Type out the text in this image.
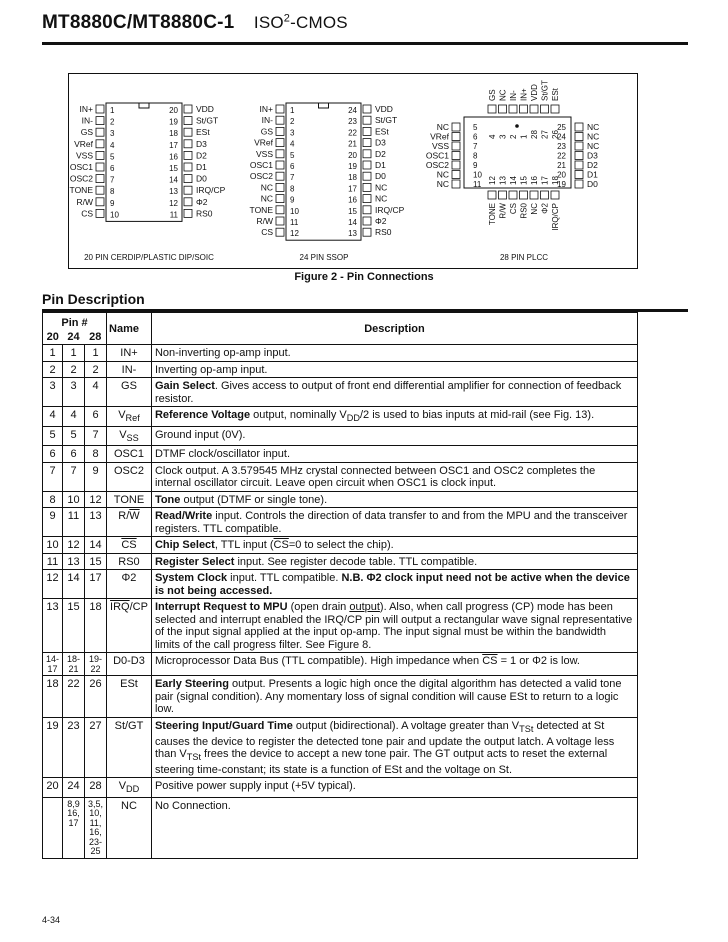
MT8880C/MT8880C-1 ISO$^2$-CMOS
IN+ 1
IN- 2
GS 3
VRef 4
VSS 5
OSC1 6
OSC2 7
TONE 8
R/W 9
CS 10
20 VDD
19 St/GT
18 ESt
17 D3
16 D2
15 D1
14 D0
13 IRQ/CP
12 Φ2
11 RS0
20 PIN CERDIP/PLASTIC DIP/SOIC
IN+ 1
IN- 2
GS 3
VRef 4
VSS 5
OSC1 6
OSC2 7
NC 8
NC 9
TONE 10
R/W 11
CS 12
24 VDD
23 St/GT
22 ESt
21 D3
20 D2
19 D1
18 D0
17 NC
16 NC
15 IRQ/CP
14 Φ2
13 RS0
24 PIN SSOP
GS
4
NC
3
IN-
2
IN+
1
VDD
28
St/GT
27
ESt
26
NC	5
VRef	6
VSS	7
OSC1	8
OSC2	9
NC	10
NC	11
25 NC
24 NC
23 NC
22 D3
21 D2
20 D1
19 D0
12
TONE
13
R/W
14
CS
15
RS0
16
NC
17
Φ2
18
IRQ/CP
28 PIN PLCC
Figure 2 - Pin Connections
Pin Description
Pin #			Name	Description
20	24	28		
1	1	1	IN+	Non-inverting op-amp input.
2	2	2	IN-	Inverting op-amp input.
3	3	4	GS	Gain Select. Gives access to output of front end differential amplifier for connection of feedback resistor.
4	4	6	$V_{Ref}$	Reference Voltage output, nominally $V_{DD}/2$ is used to bias inputs at mid-rail (see Fig. 13).
5	5	7	$V_{SS}$	Ground input (0V).
6	6	8	OSC1	DTMF clock/oscillator input.
7	7	9	OSC2	Clock output. A 3.579545 MHz crystal connected between OSC1 and OSC2 completes the internal oscillator circuit. Leave open circuit when OSC1 is clock input.
8	10	12	TONE	Tone output (DTMF or single tone).
9	11	13	$R/\overline{W}$	Read/Write input. Controls the direction of data transfer to and from the MPU and the transceiver registers. TTL compatible.
10	12	14	$\overline{CS}$	Chip Select, TTL input ($\overline{CS}=0$ to select the chip).
11	13	15	RS0	Register Select input. See register decode table. TTL compatible.
12	14	17	Φ2	System Clock input. TTL compatible. N.B. Φ2 clock input need not be active when the device is not being accessed.
13	15	18	$\overline{IRQ}/CP$	Interrupt Request to MPU (open drain output). Also, when call progress (CP) mode has been selected and interrupt enabled the IRQ/CP pin will output a rectangular wave signal representative of the input signal applied at the input op-amp. The input signal must be within the bandwidth limits of the call progress filter. See Figure 8.
14-17	18-21	19-22	D0-D3	Microprocessor Data Bus (TTL compatible). High impedance when $\overline{CS} = 1$ or Φ2 is low.
18	22	26	ESt	Early Steering output. Presents a logic high once the digital algorithm has detected a valid tone pair (signal condition). Any momentary loss of signal condition will cause ESt to return to a logic low.
19	23	27	St/GT	Steering Input/Guard Time output (bidirectional). A voltage greater than $V_{TSt}$ detected at St causes the device to register the detected tone pair and update the output latch. A voltage less than $V_{TSt}$ frees the device to accept a new tone pair. The GT output acts to reset the external steering time-constant; its state is a function of ESt and the voltage on St.
20	24	28	$V_{DD}$	Positive power supply input (+5V typical).
	8,9 16, 17	3,5, 10, 11, 16, 23-25	NC	No Connection.
4-34
